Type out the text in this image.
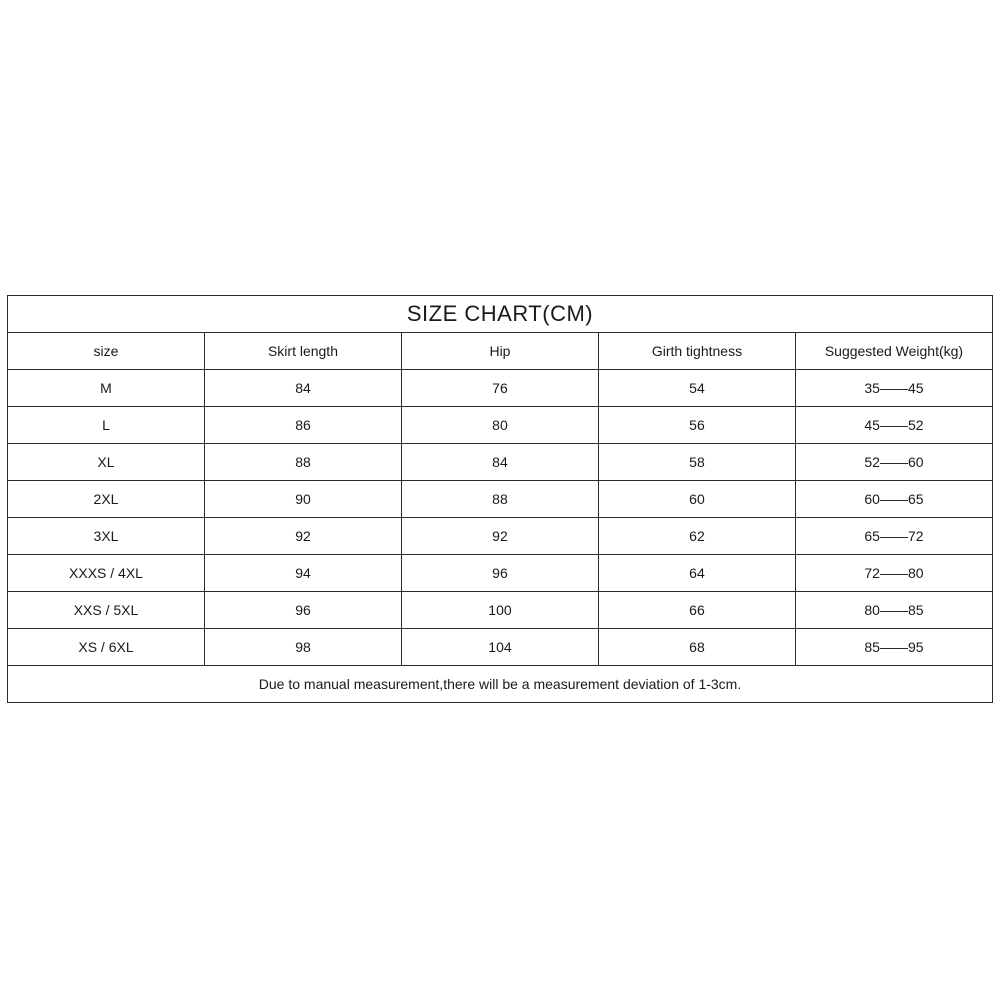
SIZE CHART(CM)				
size	Skirt length	Hip	Girth tightness	Suggested Weight(kg)
M	84	76	54	35——45
L	86	80	56	45——52
XL	88	84	58	52——60
2XL	90	88	60	60——65
3XL	92	92	62	65——72
XXXS / 4XL	94	96	64	72——80
XXS / 5XL	96	100	66	80——85
XS / 6XL	98	104	68	85——95
Due to manual measurement,there will be a measurement deviation of 1-3cm.				
